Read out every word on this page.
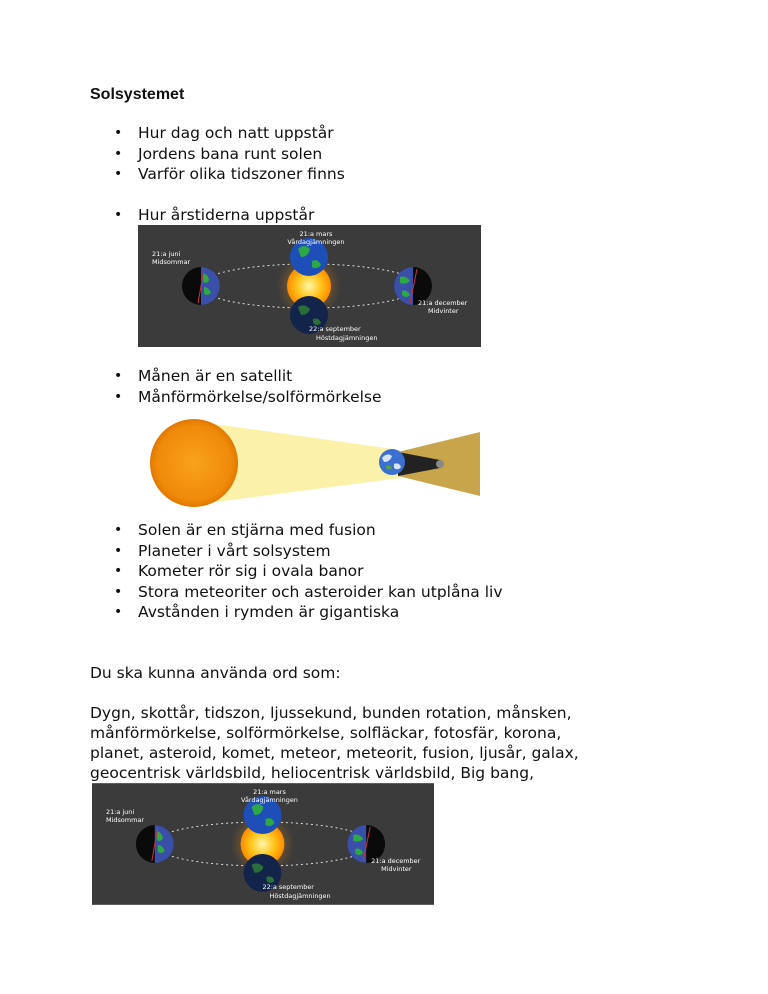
Solsystemet
• Hur dag och natt uppstår
• Jordens bana runt solen
• Varför olika tidszoner finns
• Hur årstiderna uppstår
21:a mars
Vårdagjämningen
21:a juni
Midsommar
21:a december
Midvinter
22:a september
Höstdagjämningen
• Månen är en satellit
• Månförmörkelse/solförmörkelse
• Solen är en stjärna med fusion
• Planeter i vårt solsystem
• Kometer rör sig i ovala banor
• Stora meteoriter och asteroider kan utplåna liv
• Avstånden i rymden är gigantiska
Du ska kunna använda ord som:
Dygn, skottår, tidszon, ljussekund, bunden rotation, månsken,
månförmörkelse, solförmörkelse, solfläckar, fotosfär, korona,
planet, asteroid, komet, meteor, meteorit, fusion, ljusår, galax,
geocentrisk världsbild, heliocentrisk världsbild, Big bang,
21:a mars
Vårdagjämningen
21:a juni
Midsommar
21:a december
Midvinter
22:a september
Höstdagjämningen
